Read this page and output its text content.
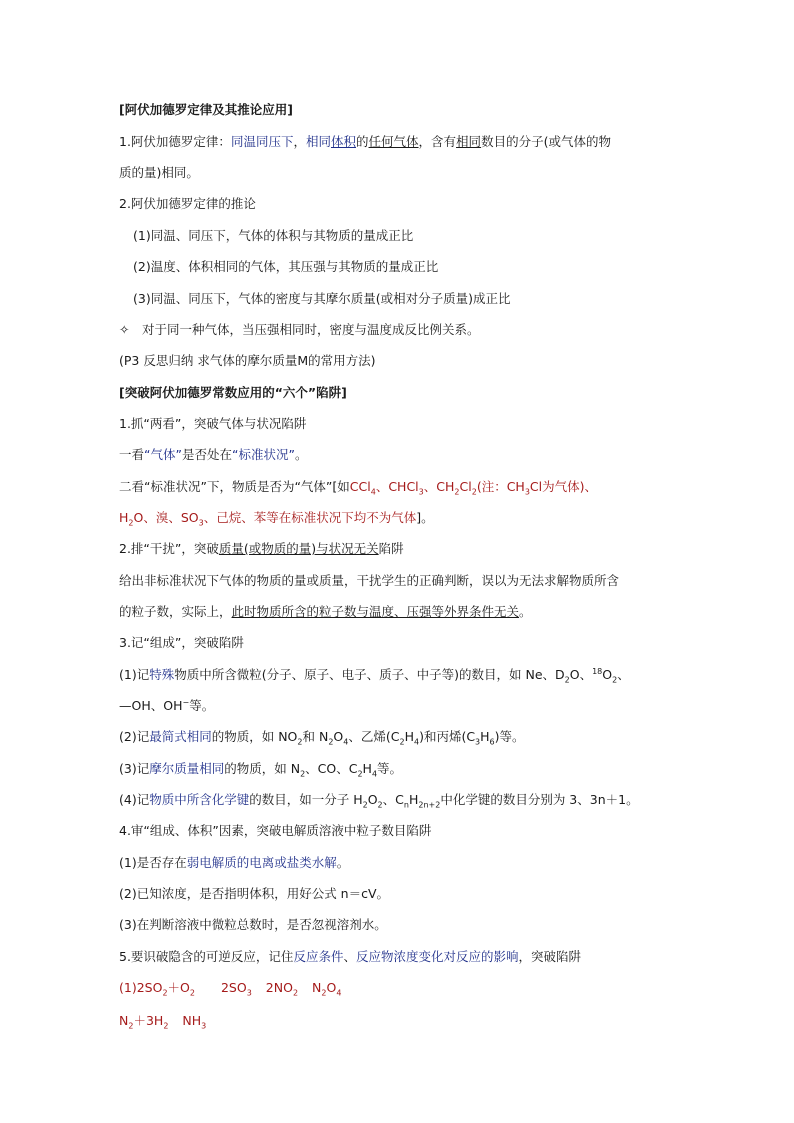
[阿伏加德罗定律及其推论应用]
1.阿伏加德罗定律：同温同压下，相同体积的任何气体，含有相同数目的分子(或气体的物
质的量)相同。
2.阿伏加德罗定律的推论
(1)同温、同压下，气体的体积与其物质的量成正比
(2)温度、体积相同的气体，其压强与其物质的量成正比
(3)同温、同压下，气体的密度与其摩尔质量(或相对分子质量)成正比
✧　对于同一种气体，当压强相同时，密度与温度成反比例关系。
(P3 反思归纳 求气体的摩尔质量M的常用方法)
[突破阿伏加德罗常数应用的“六个”陷阱]
1.抓“两看”，突破气体与状况陷阱
一看“气体”是否处在“标准状况”。
二看“标准状况”下，物质是否为“气体”[如CCl$_4$、CHCl$_3$、$CH_2Cl_2$(注：$CH_3Cl$为气体)、
$H_2O$、溴、$SO_3$、己烷、苯等在标准状况下均不为气体]。
2.排“干扰”，突破质量(或物质的量)与状况无关陷阱
给出非标准状况下气体的物质的量或质量，干扰学生的正确判断，误以为无法求解物质所含
的粒子数，实际上，此时物质所含的粒子数与温度、压强等外界条件无关。
3.记“组成”，突破陷阱
(1)记特殊物质中所含微粒(分子、原子、电子、质子、中子等)的数目，如 Ne、$D_2O$、$^{18}O_2$、
—OH、OH−等。
(2)记最简式相同的物质，如 $NO_2$和 $N_2O_4$、乙烯$(C_2H_4)$和丙烯$(C_3H_6)$等。
(3)记摩尔质量相同的物质，如 $N_2$、CO、$C_2H_4$等。
(4)记物质中所含化学键的数目，如一分子 $H_2O_2$、$C_nH_{2n+2}$中化学键的数目分别为 3、3n＋1。
4.审“组成、体积”因素，突破电解质溶液中粒子数目陷阱
(1)是否存在弱电解质的电离或盐类水解。
(2)已知浓度，是否指明体积，用好公式 n＝cV。
(3)在判断溶液中微粒总数时，是否忽视溶剂水。
5.要识破隐含的可逆反应，记住反应条件、反应物浓度变化对反应的影响，突破陷阱
$(1)2SO_2+O_2$ $2SO_3$ $2NO_2$ $N_2O_4$
$N_2+3H_2$ $NH_3$
